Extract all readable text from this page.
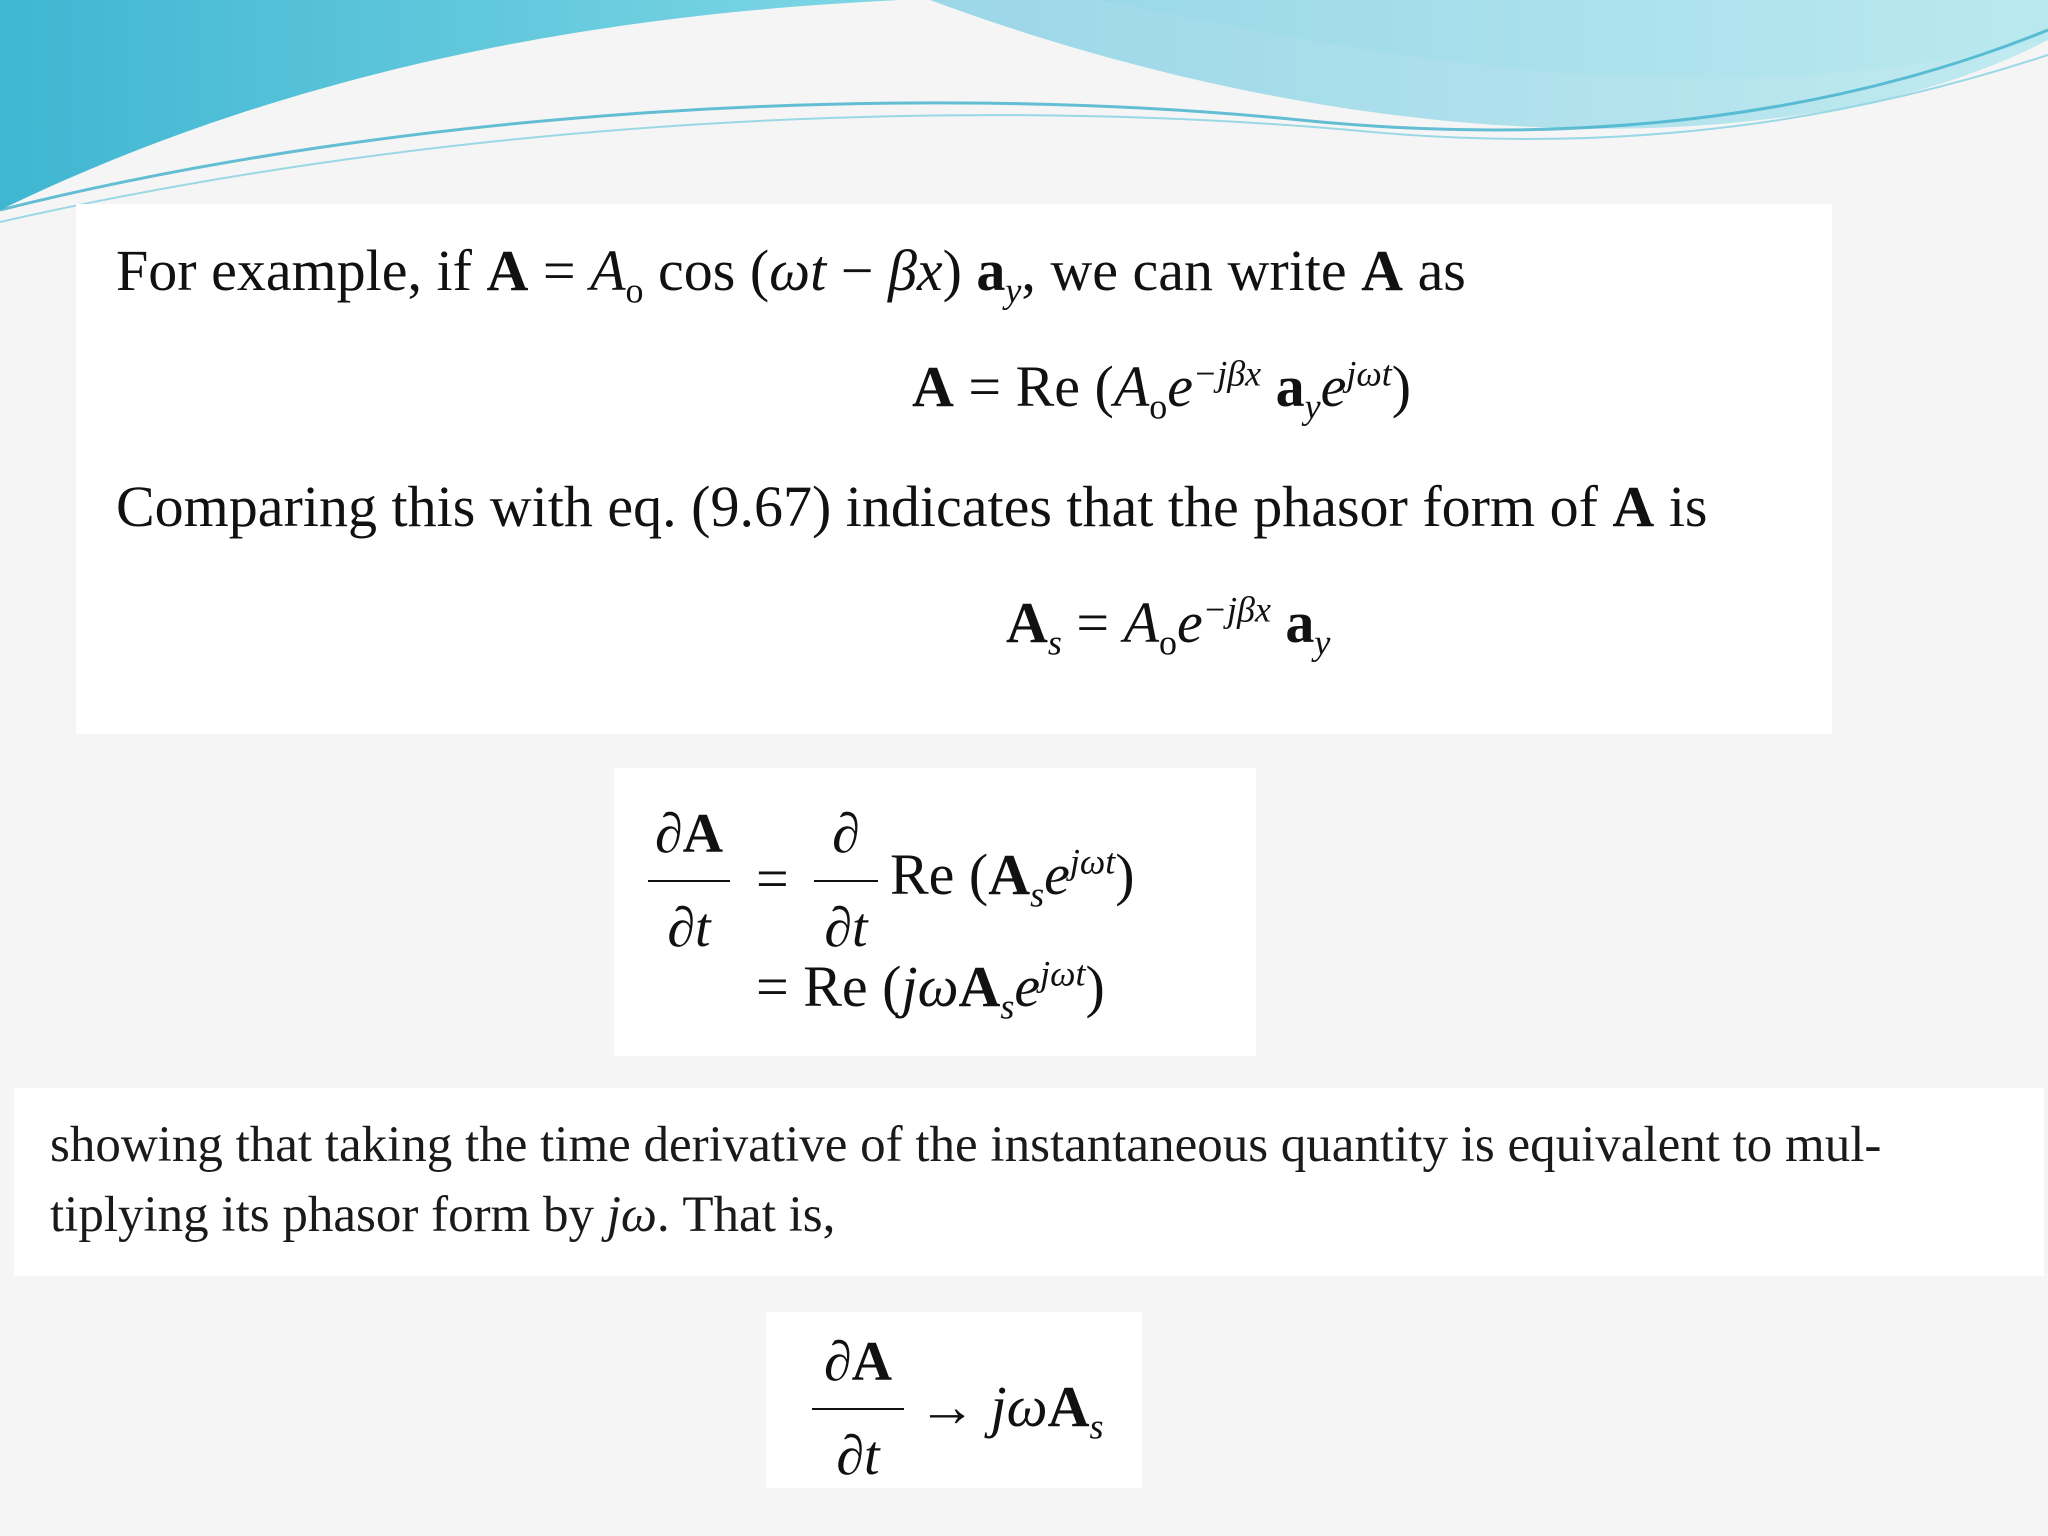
For example, if $A = A_o$ cos (ωt − βx) $a_y$, we can write A as
A = Re ($A_oe^{-j\beta x}$ $a_ye^{j\omega t}$)
Comparing this with eq. (9.67) indicates that the phasor form of A is
$A_s = A_oe^{-j\beta x}$ $a_y$
∂A
∂t
=
∂
∂t
Re $(A_se^{j\omega t})$
= Re $(j\omega A_se^{j\omega t})$
showing that taking the time derivative of the instantaneous quantity is equivalent to mul-
tiplying its phasor form by jω. That is,
∂A
∂t
→ jωA$_s$
